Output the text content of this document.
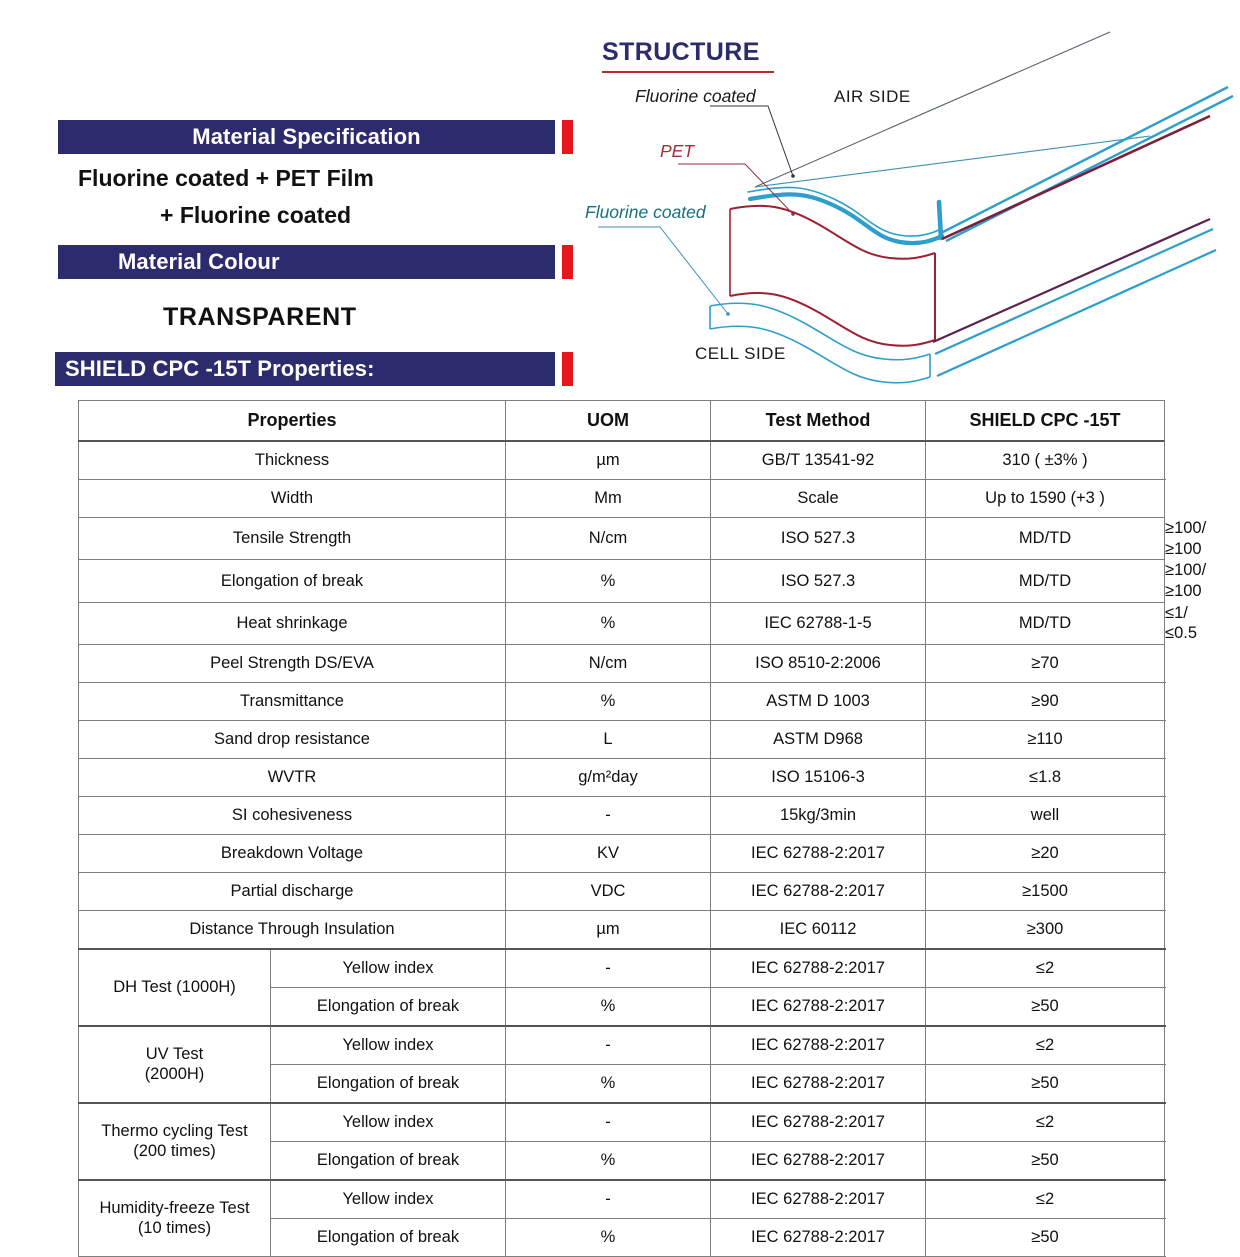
Material Specification
Fluorine coated + PET Film
+ Fluorine coated
Material Colour
TRANSPARENT
SHIELD CPC -15T Properties:
STRUCTURE
Fluorine coated
PET
Fluorine coated
AIR SIDE
CELL SIDE
Properties		UOM	Test Method	SHIELD CPC -15T	
Thickness		µm	GB/T 13541-92	310 ( ±3% )	
Width		Mm	Scale	Up to 1590 (+3 )	
Tensile Strength		N/cm	ISO 527.3	MD/TD	≥100/≥100
Elongation of break		%	ISO 527.3	MD/TD	≥100/≥100
Heat shrinkage		%	IEC 62788-1-5	MD/TD	≤1/≤0.5
Peel Strength DS/EVA		N/cm	ISO 8510-2:2006	≥70	
Transmittance		%	ASTM D 1003	≥90	
Sand drop resistance		L	ASTM D968	≥110	
WVTR		g/m²day	ISO 15106-3	≤1.8	
SI cohesiveness		-	15kg/3min	well	
Breakdown Voltage		KV	IEC 62788-2:2017	≥20	
Partial discharge		VDC	IEC 62788-2:2017	≥1500	
Distance Through Insulation		µm	IEC 60112	≥300	
DH Test (1000H)	Yellow index	-	IEC 62788-2:2017	≤2	
	Elongation of break	%	IEC 62788-2:2017	≥50	
UV Test
(2000H)	Yellow index	-	IEC 62788-2:2017	≤2	
	Elongation of break	%	IEC 62788-2:2017	≥50	
Thermo cycling Test
(200 times)	Yellow index	-	IEC 62788-2:2017	≤2	
	Elongation of break	%	IEC 62788-2:2017	≥50	
Humidity-freeze Test
(10 times)	Yellow index	-	IEC 62788-2:2017	≤2	
	Elongation of break	%	IEC 62788-2:2017	≥50	
